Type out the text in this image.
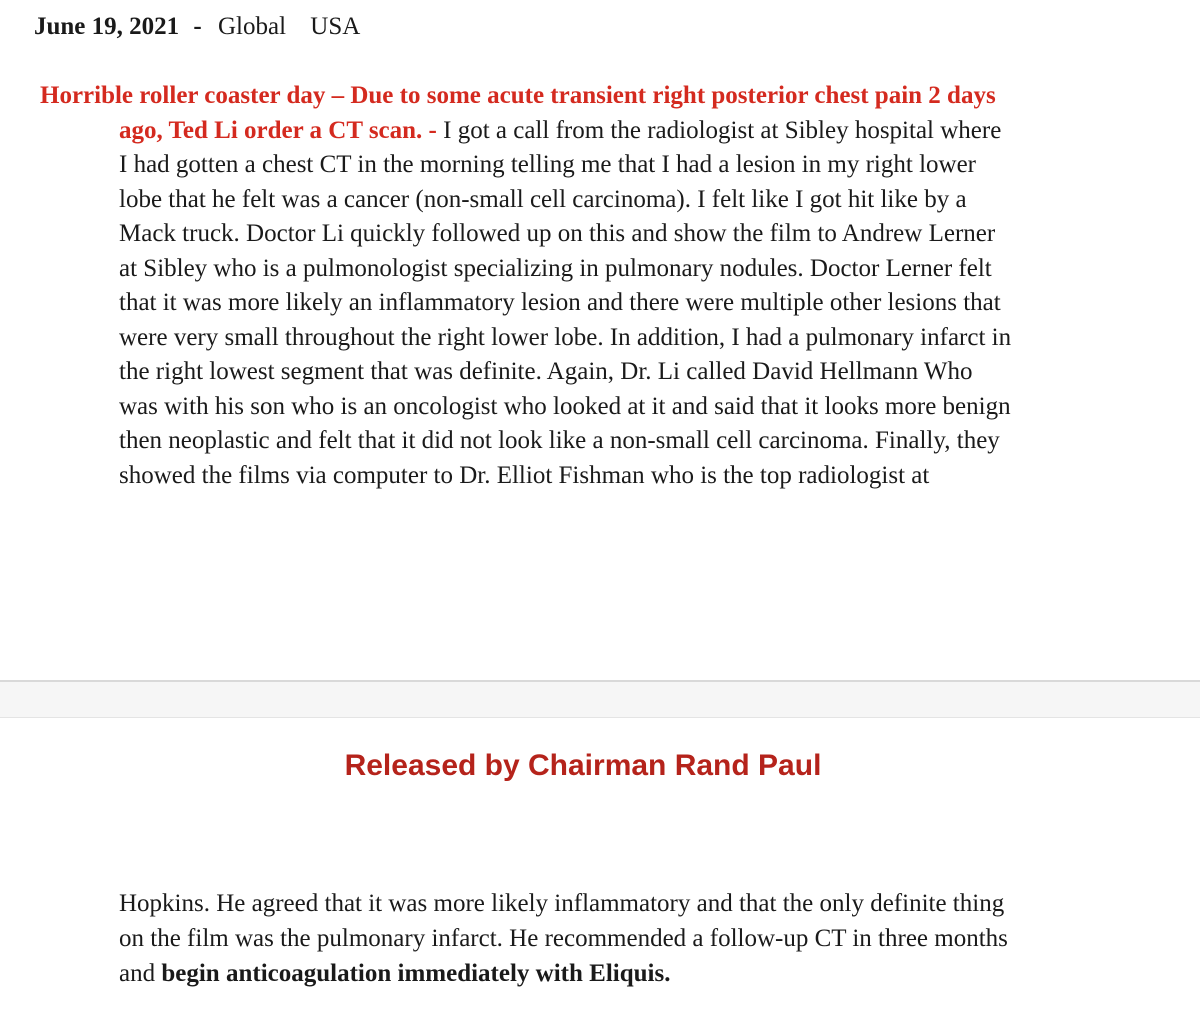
June 19, 2021 - Global USA
Horrible roller coaster day – Due to some acute transient right posterior chest pain 2 days
ago, Ted Li order a CT scan. - I got a call from the radiologist at Sibley hospital where
I had gotten a chest CT in the morning telling me that I had a lesion in my right lower
lobe that he felt was a cancer (non-small cell carcinoma). I felt like I got hit like by a
Mack truck. Doctor Li quickly followed up on this and show the film to Andrew Lerner
at Sibley who is a pulmonologist specializing in pulmonary nodules. Doctor Lerner felt
that it was more likely an inflammatory lesion and there were multiple other lesions that
were very small throughout the right lower lobe. In addition, I had a pulmonary infarct in
the right lowest segment that was definite. Again, Dr. Li called David Hellmann Who
was with his son who is an oncologist who looked at it and said that it looks more benign
then neoplastic and felt that it did not look like a non-small cell carcinoma. Finally, they
showed the films via computer to Dr. Elliot Fishman who is the top radiologist at
Released by Chairman Rand Paul
Hopkins. He agreed that it was more likely inflammatory and that the only definite thing
on the film was the pulmonary infarct. He recommended a follow-up CT in three months
and begin anticoagulation immediately with Eliquis.
